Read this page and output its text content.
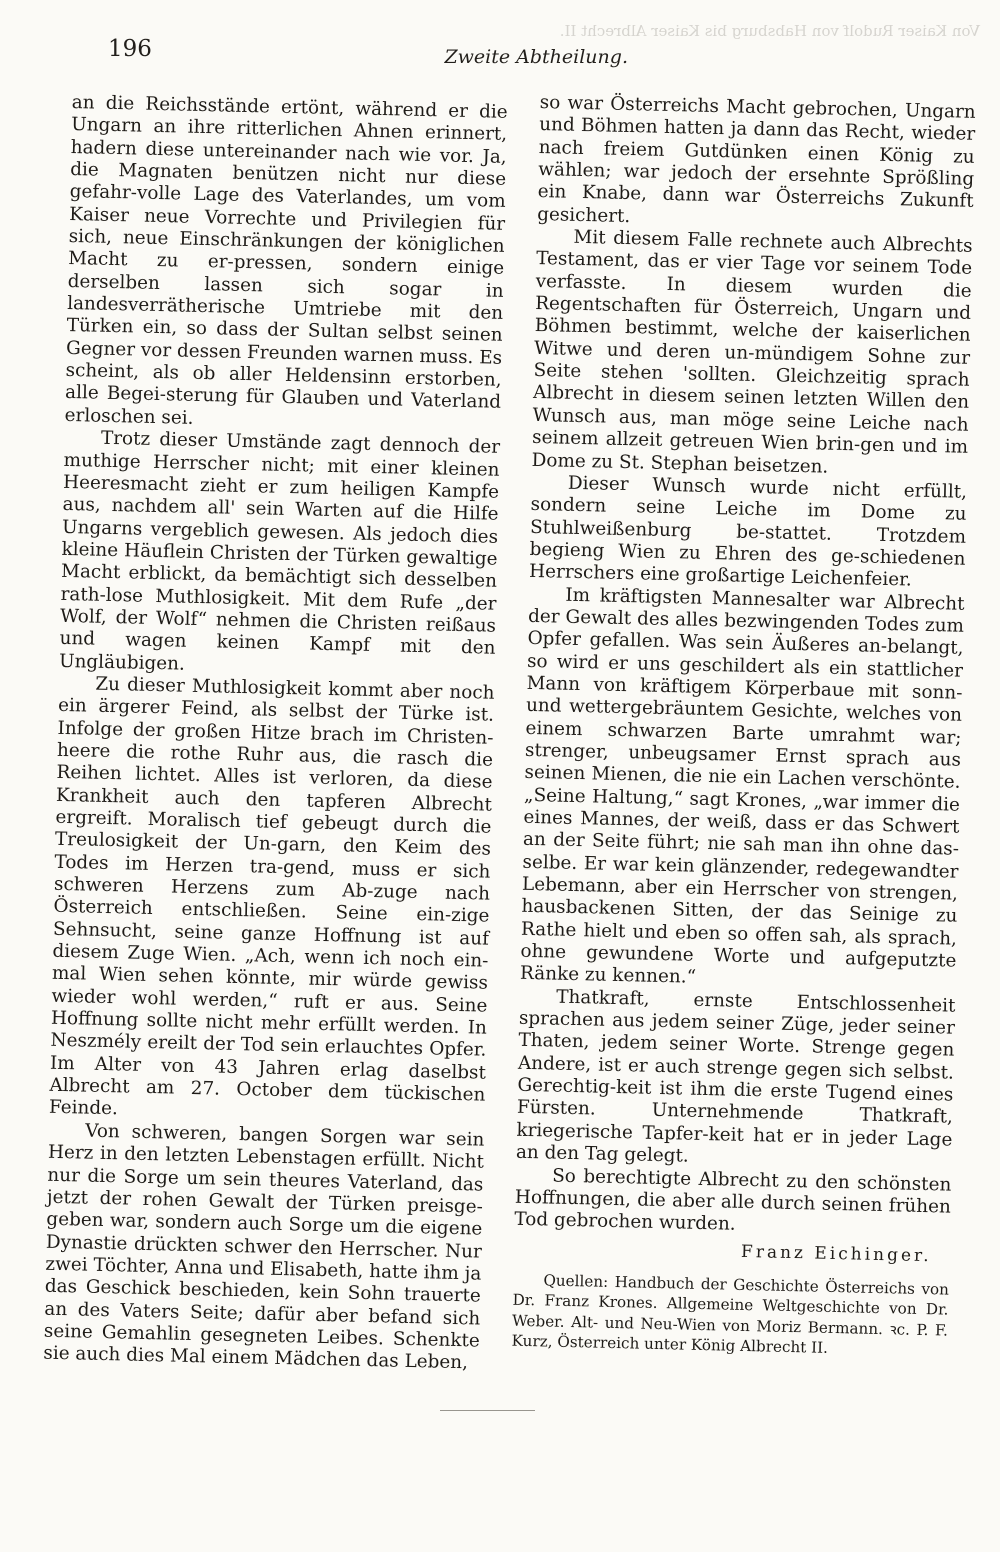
Von Kaiser Rudolf von Habsburg bis Kaiser Albrecht II.
196	Zweite Abtheilung.

an die Reichsstände ertönt, während er die Ungarn an ihre ritterlichen Ahnen erinnert, hadern diese untereinander nach wie vor. Ja, die Magnaten benützen nicht nur diese gefahr-volle Lage des Vaterlandes, um vom Kaiser neue Vorrechte und Privilegien für sich, neue Einschränkungen der königlichen Macht zu er-pressen, sondern einige derselben lassen sich sogar in landesverrätherische Umtriebe mit den Türken ein, so dass der Sultan selbst seinen Gegner vor dessen Freunden warnen muss. Es scheint, als ob aller Heldensinn erstorben, alle Begei-sterung für Glauben und Vaterland erloschen sei.

Trotz dieser Umstände zagt dennoch der muthige Herrscher nicht; mit einer kleinen Heeresmacht zieht er zum heiligen Kampfe aus, nachdem all' sein Warten auf die Hilfe Ungarns vergeblich gewesen. Als jedoch dies kleine Häuflein Christen der Türken gewaltige Macht erblickt, da bemächtigt sich desselben rath-lose Muthlosigkeit. Mit dem Rufe „der Wolf, der Wolf“ nehmen die Christen reißaus und wagen keinen Kampf mit den Ungläubigen.

Zu dieser Muthlosigkeit kommt aber noch ein ärgerer Feind, als selbst der Türke ist. Infolge der großen Hitze brach im Christen-heere die rothe Ruhr aus, die rasch die Reihen lichtet. Alles ist verloren, da diese Krankheit auch den tapferen Albrecht ergreift. Moralisch tief gebeugt durch die Treulosigkeit der Un-garn, den Keim des Todes im Herzen tra-gend, muss er sich schweren Herzens zum Ab-zuge nach Österreich entschließen. Seine ein-zige Sehnsucht, seine ganze Hoffnung ist auf diesem Zuge Wien. „Ach, wenn ich noch ein-mal Wien sehen könnte, mir würde gewiss wieder wohl werden,“ ruft er aus. Seine Hoffnung sollte nicht mehr erfüllt werden. In Neszmély ereilt der Tod sein erlauchtes Opfer. Im Alter von 43 Jahren erlag daselbst Albrecht am 27. October dem tückischen Feinde.

Von schweren, bangen Sorgen war sein Herz in den letzten Lebenstagen erfüllt. Nicht nur die Sorge um sein theures Vaterland, das jetzt der rohen Gewalt der Türken preisge-geben war, sondern auch Sorge um die eigene Dynastie drückten schwer den Herrscher. Nur zwei Töchter, Anna und Elisabeth, hatte ihm ja das Geschick beschieden, kein Sohn trauerte an des Vaters Seite; dafür aber befand sich seine Gemahlin gesegneten Leibes. Schenkte sie auch dies Mal einem Mädchen das Leben,

so war Österreichs Macht gebrochen, Ungarn und Böhmen hatten ja dann das Recht, wieder nach freiem Gutdünken einen König zu wählen; war jedoch der ersehnte Sprößling ein Knabe, dann war Österreichs Zukunft gesichert.

Mit diesem Falle rechnete auch Albrechts Testament, das er vier Tage vor seinem Tode verfasste. In diesem wurden die Regentschaften für Österreich, Ungarn und Böhmen bestimmt, welche der kaiserlichen Witwe und deren un-mündigem Sohne zur Seite stehen 'sollten. Gleichzeitig sprach Albrecht in diesem seinen letzten Willen den Wunsch aus, man möge seine Leiche nach seinem allzeit getreuen Wien brin-gen und im Dome zu St. Stephan beisetzen.

Dieser Wunsch wurde nicht erfüllt, sondern seine Leiche im Dome zu Stuhlweißenburg be-stattet. Trotzdem begieng Wien zu Ehren des ge-schiedenen Herrschers eine großartige Leichenfeier.

Im kräftigsten Mannesalter war Albrecht der Gewalt des alles bezwingenden Todes zum Opfer gefallen. Was sein Äußeres an-belangt, so wird er uns geschildert als ein stattlicher Mann von kräftigem Körperbaue mit sonn- und wettergebräuntem Gesichte, welches von einem schwarzen Barte umrahmt war; strenger, unbeugsamer Ernst sprach aus seinen Mienen, die nie ein Lachen verschönte. „Seine Haltung,“ sagt Krones, „war immer die eines Mannes, der weiß, dass er das Schwert an der Seite führt; nie sah man ihn ohne das-selbe. Er war kein glänzender, redegewandter Lebemann, aber ein Herrscher von strengen, hausbackenen Sitten, der das Seinige zu Rathe hielt und eben so offen sah, als sprach, ohne gewundene Worte und aufgeputzte Ränke zu kennen.“

Thatkraft, ernste Entschlossenheit sprachen aus jedem seiner Züge, jeder seiner Thaten, jedem seiner Worte. Strenge gegen Andere, ist er auch strenge gegen sich selbst. Gerechtig-keit ist ihm die erste Tugend eines Fürsten. Unternehmende Thatkraft, kriegerische Tapfer-keit hat er in jeder Lage an den Tag gelegt.

So berechtigte Albrecht zu den schönsten Hoffnungen, die aber alle durch seinen frühen Tod gebrochen wurden.

Franz Eichinger.

Quellen: Handbuch der Geschichte Österreichs von Dr. Franz Krones. Allgemeine Weltgeschichte von Dr. Weber. Alt- und Neu-Wien von Moriz Bermann. ꝛc. P. F. Kurz, Österreich unter König Albrecht II.
